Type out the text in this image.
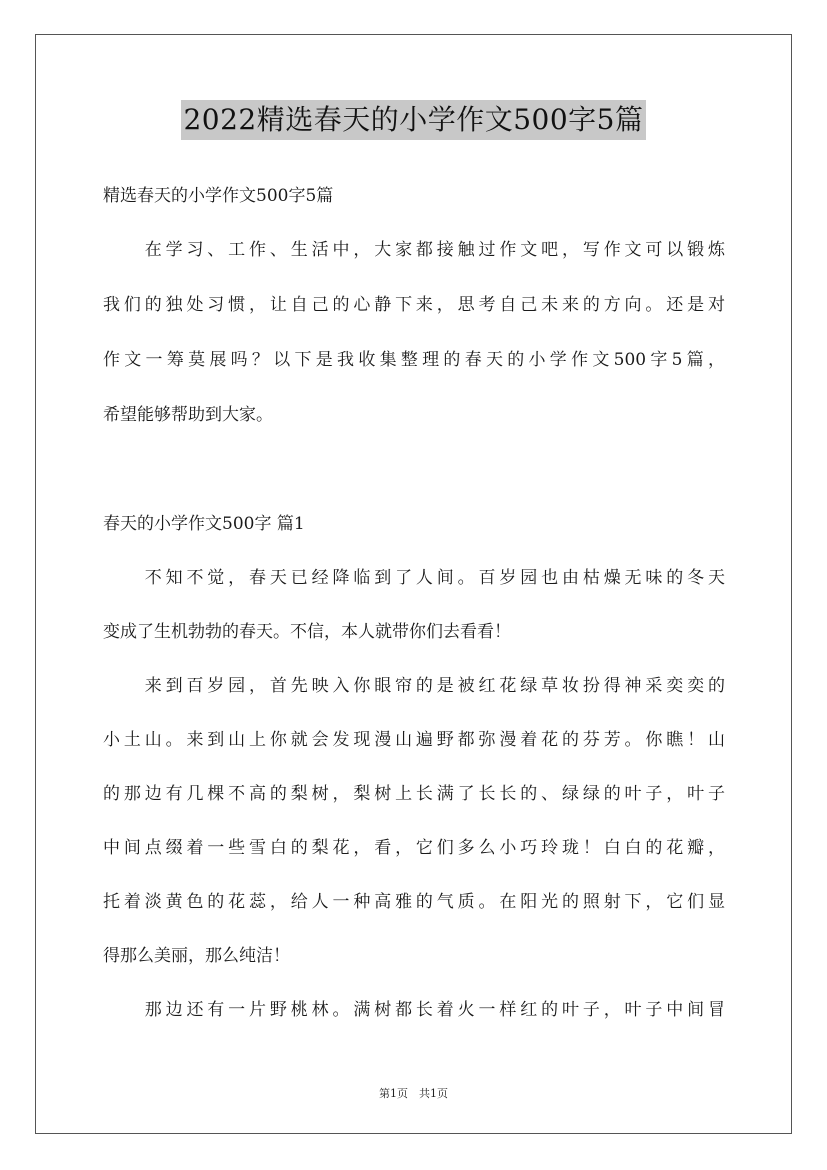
2022精选春天的小学作文500字5篇
精选春天的小学作文500字5篇
　　在学习、工作、生活中，大家都接触过作文吧，写作文可以锻炼
我们的独处习惯，让自己的心静下来，思考自己未来的方向。还是对
作文一筹莫展吗？以下是我收集整理的春天的小学作文500字5篇，
希望能够帮助到大家。
春天的小学作文500字 篇1
　　不知不觉，春天已经降临到了人间。百岁园也由枯燥无味的冬天
变成了生机勃勃的春天。不信，本人就带你们去看看！
　　来到百岁园，首先映入你眼帘的是被红花绿草妆扮得神采奕奕的
小土山。来到山上你就会发现漫山遍野都弥漫着花的芬芳。你瞧！山
的那边有几棵不高的梨树，梨树上长满了长长的、绿绿的叶子，叶子
中间点缀着一些雪白的梨花，看，它们多么小巧玲珑！白白的花瓣，
托着淡黄色的花蕊，给人一种高雅的气质。在阳光的照射下，它们显
得那么美丽，那么纯洁！
　　那边还有一片野桃林。满树都长着火一样红的叶子，叶子中间冒
第1页　共1页
